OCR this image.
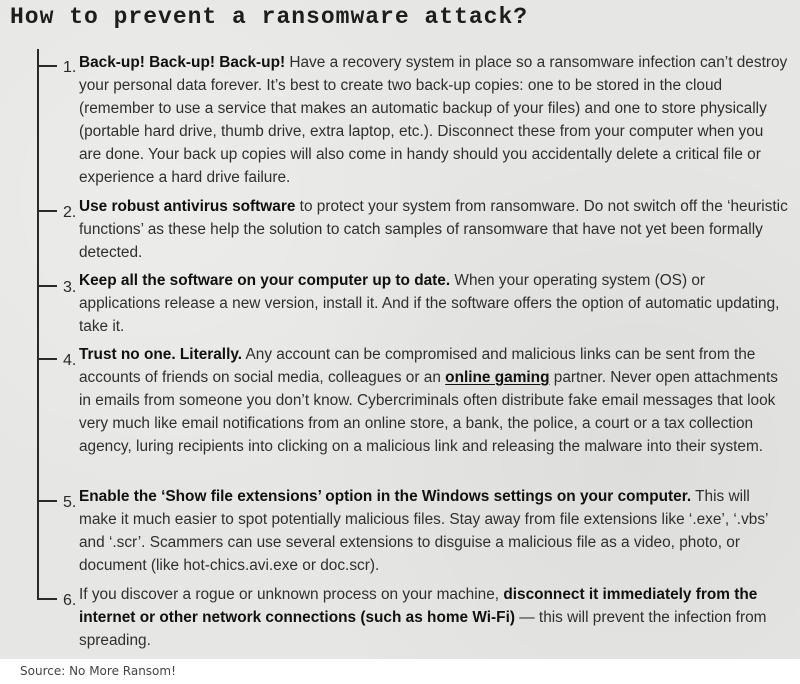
How to prevent a ransomware attack?
1. Back-up! Back-up! Back-up! Have a recovery system in place so a ransomware infection can’t destroy your personal data forever. It’s best to create two back-up copies: one to be stored in the cloud (remember to use a service that makes an automatic backup of your files) and one to store physically (portable hard drive, thumb drive, extra laptop, etc.). Disconnect these from your computer when you are done. Your back up copies will also come in handy should you accidentally delete a critical file or experience a hard drive failure.

2. Use robust antivirus software to protect your system from ransomware. Do not switch off the ‘heuristic functions’ as these help the solution to catch samples of ransomware that have not yet been formally detected.

3. Keep all the software on your computer up to date. When your operating system (OS) or applications release a new version, install it. And if the software offers the option of automatic updating, take it.

4. Trust no one. Literally. Any account can be compromised and malicious links can be sent from the accounts of friends on social media, colleagues or an online gaming partner. Never open attachments in emails from someone you don’t know. Cybercriminals often distribute fake email messages that look very much like email notifications from an online store, a bank, the police, a court or a tax collection agency, luring recipients into clicking on a malicious link and releasing the malware into their system.

5. Enable the ‘Show file extensions’ option in the Windows settings on your computer. This will make it much easier to spot potentially malicious files. Stay away from file extensions like ‘.exe’, ‘.vbs’ and ‘.scr’. Scammers can use several extensions to disguise a malicious file as a video, photo, or document (like hot-chics.avi.exe or doc.scr).

6. If you discover a rogue or unknown process on your machine, disconnect it immediately from the internet or other network connections (such as home Wi-Fi) — this will prevent the infection from spreading.

Source: No More Ransom!
